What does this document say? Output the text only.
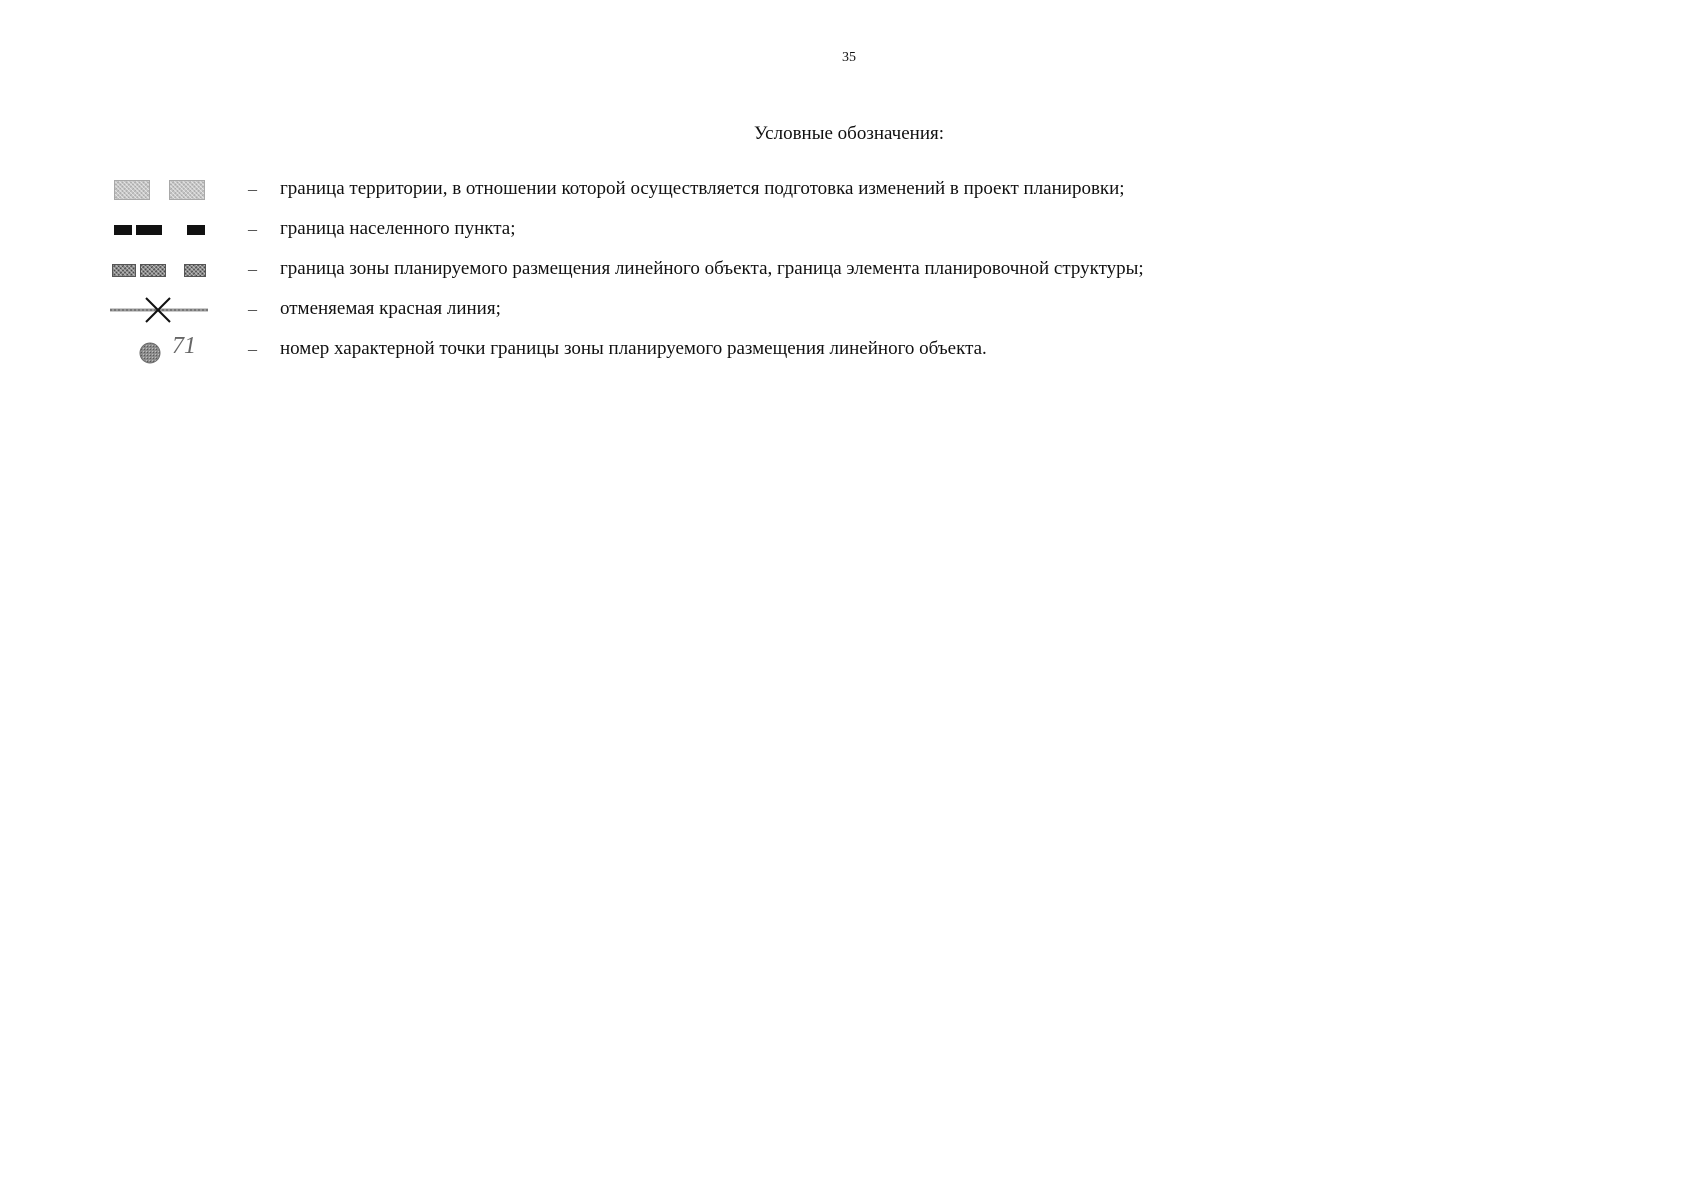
35
Условные обозначения:
– граница территории, в отношении которой осуществляется подготовка изменений в проект планировки;
– граница населенного пункта;
– граница зоны планируемого размещения линейного объекта, граница элемента планировочной структуры;
– отменяемая красная линия;
71	– номер характерной точки границы зоны планируемого размещения линейного объекта.
